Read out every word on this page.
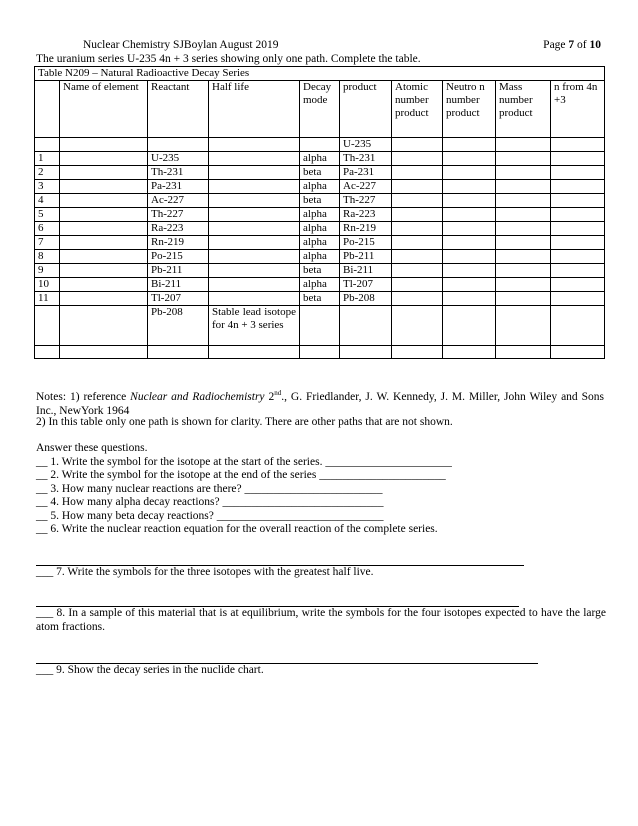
Nuclear Chemistry SJBoylan August 2019	Page 7 of 10
The uranium series U-235 4n + 3 series showing only one path. Complete the table.
Table N209 – Natural Radioactive Decay Series									
	Name of element	Reactant	Half life	Decay mode	product	Atomic number product	Neutro n number product	Mass number product	n from 4n +3
					U-235				
1		U-235		alpha	Th-231				
2		Th-231		beta	Pa-231				
3		Pa-231		alpha	Ac-227				
4		Ac-227		beta	Th-227				
5		Th-227		alpha	Ra-223				
6		Ra-223		alpha	Rn-219				
7		Rn-219		alpha	Po-215				
8		Po-215		alpha	Pb-211				
9		Pb-211		beta	Bi-211				
10		Bi-211		alpha	Tl-207				
11		Tl-207		beta	Pb-208				
		Pb-208	Stable lead isotope for 4n + 3 series						

Notes: 1) reference Nuclear and Radiochemistry 2nd., G. Friedlander, J. W. Kennedy, J. M. Miller, John Wiley and Sons Inc., NewYork 1964
2) In this table only one path is shown for clarity. There are other paths that are not shown.
Answer these questions.
__ 1. Write the symbol for the isotope at the start of the series. ______________________
__ 2. Write the symbol for the isotope at the end of the series ______________________
__ 3. How many nuclear reactions are there? ________________________
__ 4. How many alpha decay reactions? ____________________________
__ 5. How many beta decay reactions? _____________________________
__ 6. Write the nuclear reaction equation for the overall reaction of the complete series.
___ 7. Write the symbols for the three isotopes with the greatest half live.
___ 8. In a sample of this material that is at equilibrium, write the symbols for the four isotopes expected to have the large atom fractions.
___ 9. Show the decay series in the nuclide chart.
